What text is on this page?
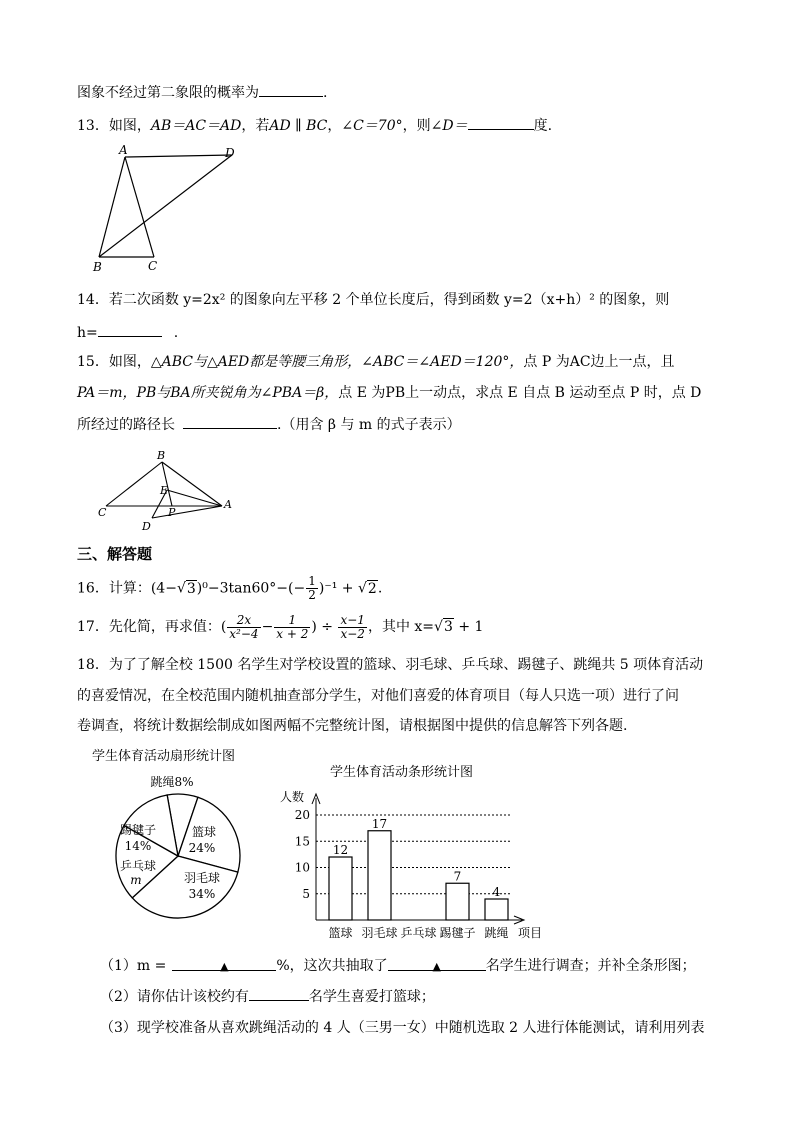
图象不经过第二象限的概率为	.
13．如图，AB＝AC＝AD，若AD ∥ BC，∠C＝70°，则∠D＝	度.
A	D
B	C
14．若二次函数 y=2x² 的图象向左平移 2 个单位长度后，得到函数 y=2（x+h）² 的图象，则
h=	.
15．如图，△ABC与△AED都是等腰三角形，∠ABC＝∠AED＝120°，点 P 为AC边上一点，且
PA＝m，PB与BA所夹锐角为∠PBA＝β，点 E 为PB上一动点，求点 E 自点 B 运动至点 P 时，点 D
所经过的路径长	.（用含 β 与 m 的式子表示）
B
E
C	P
A
D
三、解答题
16．计算：$(4-√3)^0-3\tan 60^\circ-(- \frac{1}{2} )^{-1} + √2$.
17．先化简，再求值：( $\frac{2x}{\text{x²−4}} - \frac{1}{x + 2}$ ) ÷ $\frac{x-1}{x-2}$ ，其中 x=√3 + 1
18．为了了解全校 1500 名学生对学校设置的篮球、羽毛球、乒乓球、踢毽子、跳绳共 5 项体育活动
的喜爱情况，在全校范围内随机抽查部分学生，对他们喜爱的体育项目（每人只选一项）进行了问
卷调查，将统计数据绘制成如图两幅不完整统计图，请根据图中提供的信息解答下列各题.
学生体育活动扇形统计图
跳绳8%
篮球
24%
羽毛球
34%
乒乓球
m
踢毽子
14%
学生体育活动条形统计图
人数
项目
5
10
15
20
12
17
7
4
篮球 羽毛球 乒乓球 踢毽子 跳绳
（1）m =	▲	%，这次共抽取了	▲	名学生进行调查；并补全条形图；
（2）请你估计该校约有	名学生喜爱打篮球；
（3）现学校准备从喜欢跳绳活动的 4 人（三男一女）中随机选取 2 人进行体能测试，请利用列表
